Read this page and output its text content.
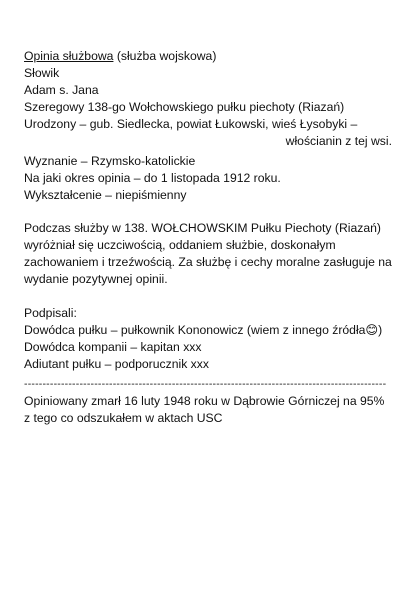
Opinia służbowa (służba wojskowa)
Słowik
Adam s. Jana
Szeregowy 138-go Wołchowskiego pułku piechoty (Riazań)
Urodzony – gub. Siedlecka, powiat Łukowski, wieś Łysobyki –
włościanin z tej wsi.
Wyznanie – Rzymsko-katolickie
Na jaki okres opinia – do 1 listopada 1912 roku.
Wykształcenie – niepiśmienny
Podczas służby w 138. WOŁCHOWSKIM Pułku Piechoty (Riazań)
wyróżniał się uczciwością, oddaniem służbie, doskonałym
zachowaniem i trzeźwością. Za służbę i cechy moralne zasługuje na
wydanie pozytywnej opinii.
Podpisali:
Dowódca pułku – pułkownik Kononowicz (wiem z innego źródła😊)
Dowódca kompanii – kapitan xxx
Adiutant pułku – podporucznik xxx
--------------------------------------------------------------------------------------------------
Opiniowany zmarł 16 luty 1948 roku w Dąbrowie Górniczej na 95%
z tego co odszukałem w aktach USC
